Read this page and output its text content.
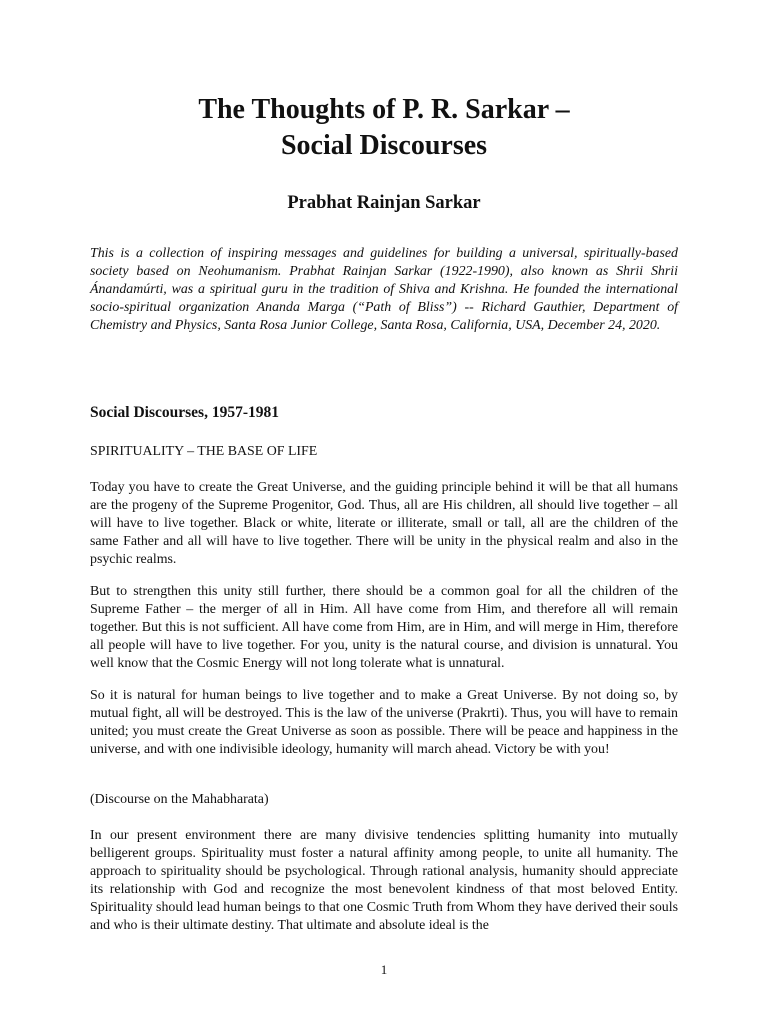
The Thoughts of P. R. Sarkar –
Social Discourses
Prabhat Rainjan Sarkar

This is a collection of inspiring messages and guidelines for building a universal, spiritually-based society based on Neohumanism. Prabhat Rainjan Sarkar (1922-1990), also known as Shrii Shrii Ánandamúrti, was a spiritual guru in the tradition of Shiva and Krishna. He founded the international socio-spiritual organization Ananda Marga (“Path of Bliss”) -- Richard Gauthier, Department of Chemistry and Physics, Santa Rosa Junior College, Santa Rosa, California, USA, December 24, 2020.

Social Discourses, 1957-1981
SPIRITUALITY – THE BASE OF LIFE

Today you have to create the Great Universe, and the guiding principle behind it will be that all humans are the progeny of the Supreme Progenitor, God. Thus, all are His children, all should live together – all will have to live together. Black or white, literate or illiterate, small or tall, all are the children of the same Father and all will have to live together. There will be unity in the physical realm and also in the psychic realms.

But to strengthen this unity still further, there should be a common goal for all the children of the Supreme Father – the merger of all in Him. All have come from Him, and therefore all will remain together. But this is not sufficient. All have come from Him, are in Him, and will merge in Him, therefore all people will have to live together. For you, unity is the natural course, and division is unnatural. You well know that the Cosmic Energy will not long tolerate what is unnatural.

So it is natural for human beings to live together and to make a Great Universe. By not doing so, by mutual fight, all will be destroyed. This is the law of the universe (Prakrti). Thus, you will have to remain united; you must create the Great Universe as soon as possible. There will be peace and happiness in the universe, and with one indivisible ideology, humanity will march ahead. Victory be with you!

(Discourse on the Mahabharata)

In our present environment there are many divisive tendencies splitting humanity into mutually belligerent groups. Spirituality must foster a natural affinity among people, to unite all humanity. The approach to spirituality should be psychological. Through rational analysis, humanity should appreciate its relationship with God and recognize the most benevolent kindness of that most beloved Entity. Spirituality should lead human beings to that one Cosmic Truth from Whom they have derived their souls and who is their ultimate destiny. That ultimate and absolute ideal is the

1
